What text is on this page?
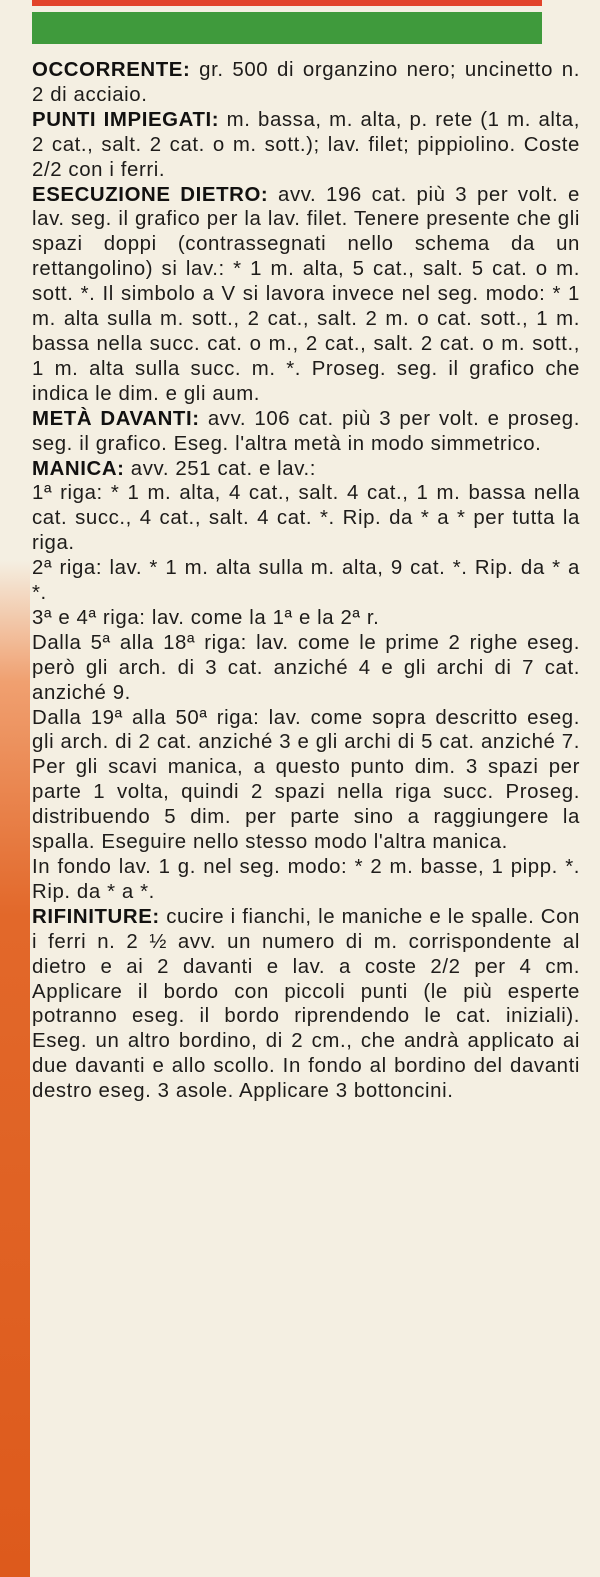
OCCORRENTE: gr. 500 di organzino nero; uncinetto n. 2 di acciaio.

PUNTI IMPIEGATI: m. bassa, m. alta, p. rete (1 m. alta, 2 cat., salt. 2 cat. o m. sott.); lav. filet; pippiolino. Coste 2/2 con i ferri.

ESECUZIONE DIETRO: avv. 196 cat. più 3 per volt. e lav. seg. il grafico per la lav. filet. Tenere presente che gli spazi doppi (contrassegnati nello schema da un rettangolino) si lav.: * 1 m. alta, 5 cat., salt. 5 cat. o m. sott. *. Il simbolo a V si lavora invece nel seg. modo: * 1 m. alta sulla m. sott., 2 cat., salt. 2 m. o cat. sott., 1 m. bassa nella succ. cat. o m., 2 cat., salt. 2 cat. o m. sott., 1 m. alta sulla succ. m. *. Proseg. seg. il grafico che indica le dim. e gli aum.

METÀ DAVANTI: avv. 106 cat. più 3 per volt. e proseg. seg. il grafico. Eseg. l'altra metà in modo simmetrico.

MANICA: avv. 251 cat. e lav.:

1ª riga: * 1 m. alta, 4 cat., salt. 4 cat., 1 m. bassa nella cat. succ., 4 cat., salt. 4 cat. *. Rip. da * a * per tutta la riga.

2ª riga: lav. * 1 m. alta sulla m. alta, 9 cat. *. Rip. da * a *.

3ª e 4ª riga: lav. come la 1ª e la 2ª r.

Dalla 5ª alla 18ª riga: lav. come le prime 2 righe eseg. però gli arch. di 3 cat. anziché 4 e gli archi di 7 cat. anziché 9.

Dalla 19ª alla 50ª riga: lav. come sopra descritto eseg. gli arch. di 2 cat. anziché 3 e gli archi di 5 cat. anziché 7. Per gli scavi manica, a questo punto dim. 3 spazi per parte 1 volta, quindi 2 spazi nella riga succ. Proseg. distribuendo 5 dim. per parte sino a raggiungere la spalla. Eseguire nello stesso modo l'altra manica.

In fondo lav. 1 g. nel seg. modo: * 2 m. basse, 1 pipp. *. Rip. da * a *.

RIFINITURE: cucire i fianchi, le maniche e le spalle. Con i ferri n. 2 ½ avv. un numero di m. corrispondente al dietro e ai 2 davanti e lav. a coste 2/2 per 4 cm. Applicare il bordo con piccoli punti (le più esperte potranno eseg. il bordo riprendendo le cat. iniziali). Eseg. un altro bordino, di 2 cm., che andrà applicato ai due davanti e allo scollo. In fondo al bordino del davanti destro eseg. 3 asole. Applicare 3 bottoncini.
